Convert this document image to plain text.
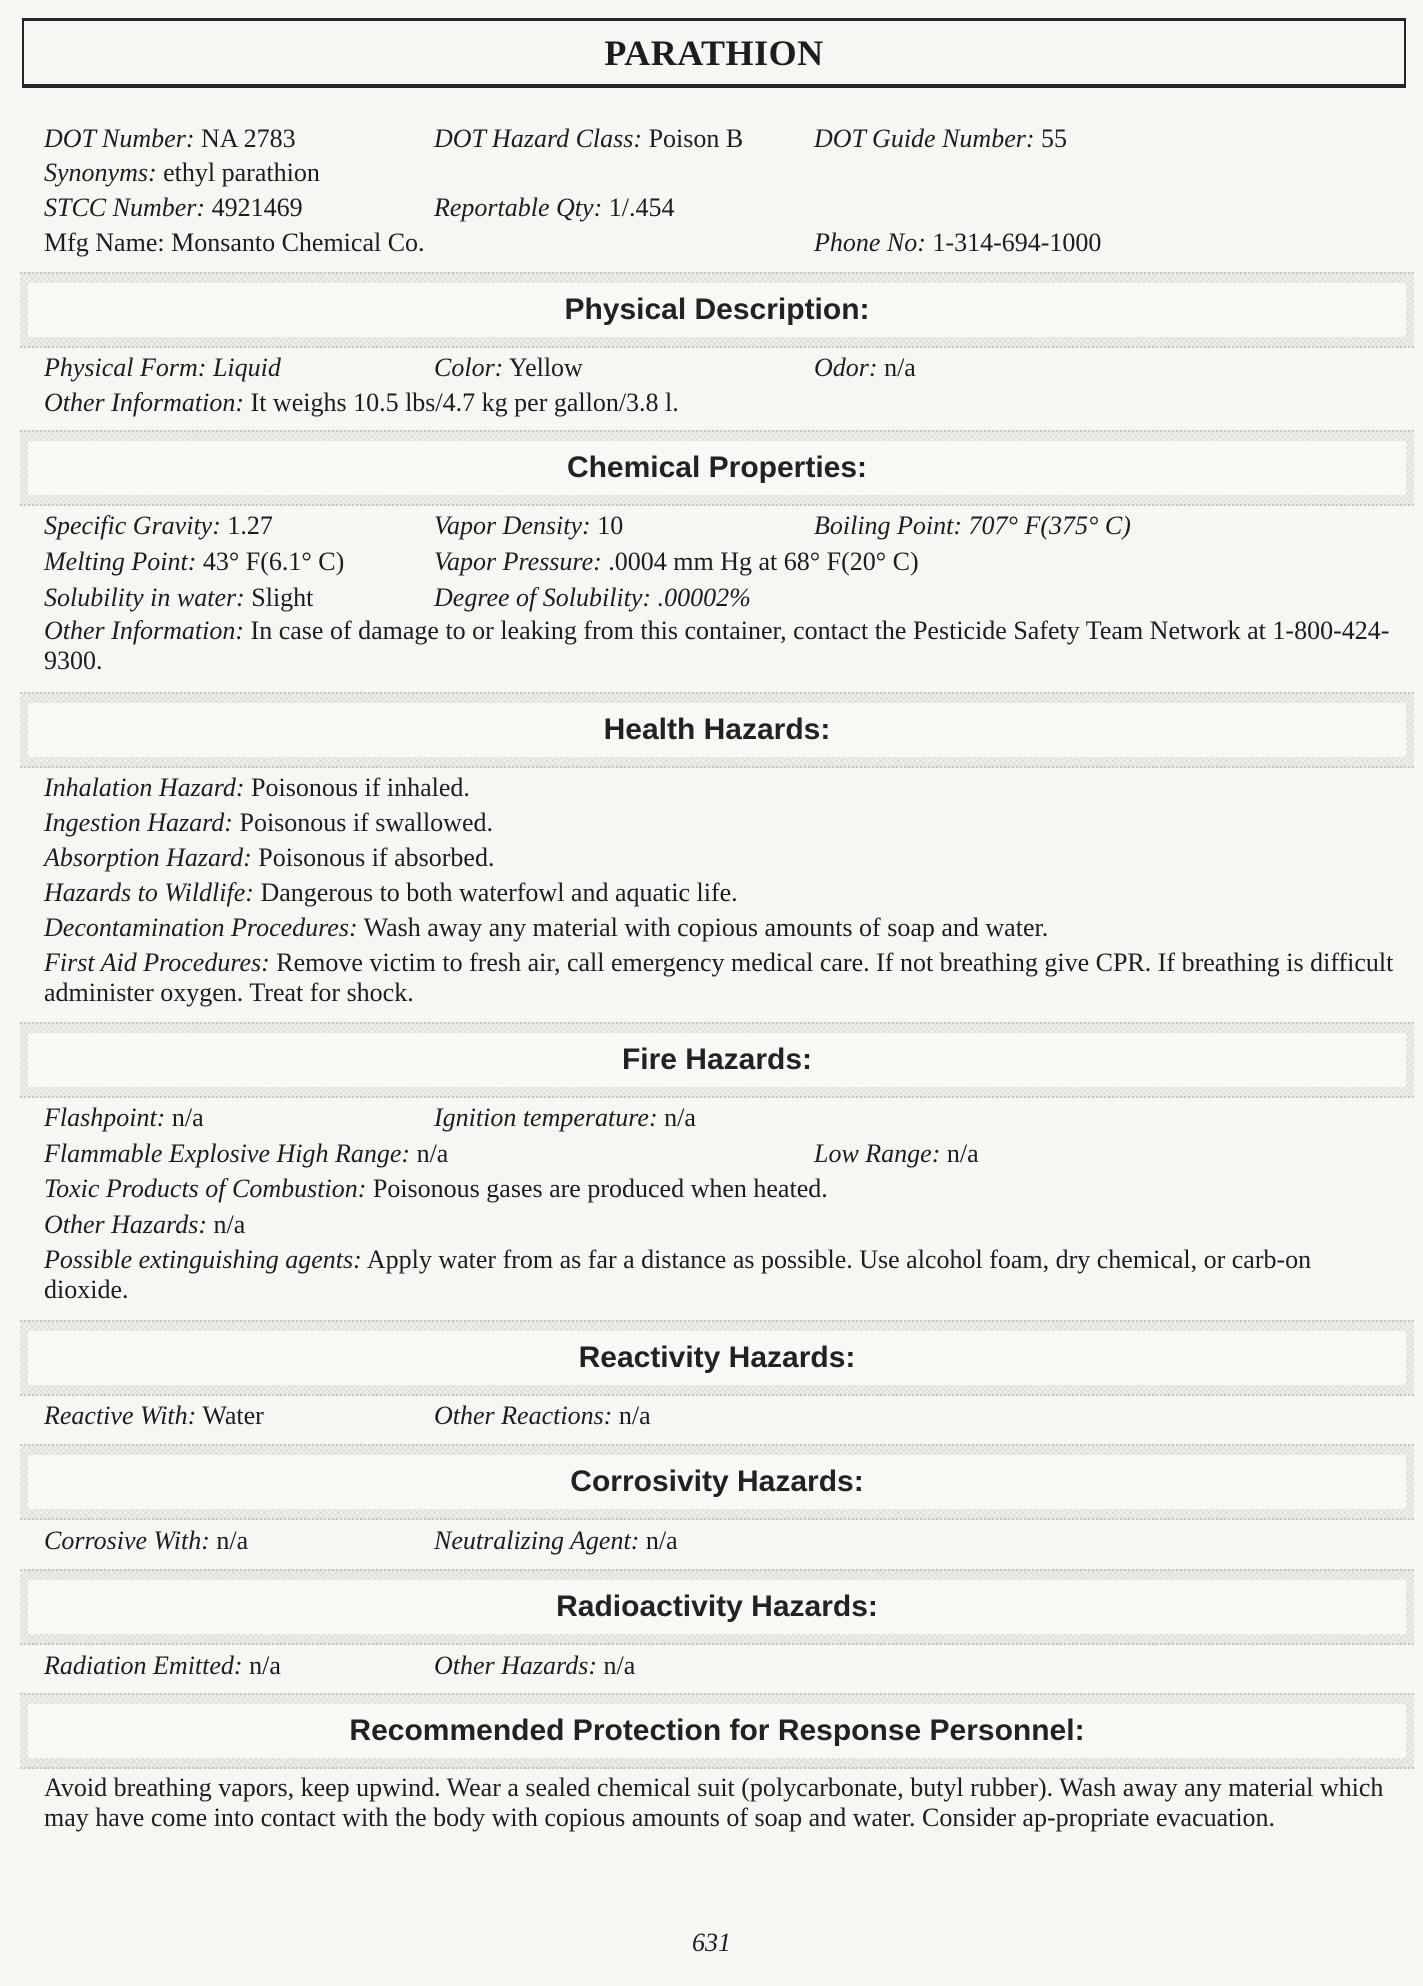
PARATHION
DOT Number: NA 2783	DOT Hazard Class: Poison B	DOT Guide Number: 55
Synonyms: ethyl parathion
STCC Number: 4921469	Reportable Qty: 1/.454
Mfg Name: Monsanto Chemical Co.	Phone No: 1-314-694-1000
Physical Description:
Physical Form: Liquid	Color: Yellow	Odor: n/a
Other Information: It weighs 10.5 lbs/4.7 kg per gallon/3.8 l.
Chemical Properties:
Specific Gravity: 1.27	Vapor Density: 10	Boiling Point: 707° F(375° C)
Melting Point: 43° F(6.1° C)	Vapor Pressure: .0004 mm Hg at 68° F(20° C)
Solubility in water: Slight	Degree of Solubility: .00002%
Other Information: In case of damage to or leaking from this container, contact the Pesticide Safety Team Network at 1-800-424-9300.
Health Hazards:
Inhalation Hazard: Poisonous if inhaled.
Ingestion Hazard: Poisonous if swallowed.
Absorption Hazard: Poisonous if absorbed.
Hazards to Wildlife: Dangerous to both waterfowl and aquatic life.
Decontamination Procedures: Wash away any material with copious amounts of soap and water.
First Aid Procedures: Remove victim to fresh air, call emergency medical care. If not breathing give CPR. If breathing is difficult administer oxygen. Treat for shock.
Fire Hazards:
Flashpoint: n/a	Ignition temperature: n/a
Flammable Explosive High Range: n/a	Low Range: n/a
Toxic Products of Combustion: Poisonous gases are produced when heated.
Other Hazards: n/a
Possible extinguishing agents: Apply water from as far a distance as possible. Use alcohol foam, dry chemical, or carb-on dioxide.
Reactivity Hazards:
Reactive With: Water	Other Reactions: n/a
Corrosivity Hazards:
Corrosive With: n/a	Neutralizing Agent: n/a
Radioactivity Hazards:
Radiation Emitted: n/a	Other Hazards: n/a
Recommended Protection for Response Personnel:
Avoid breathing vapors, keep upwind. Wear a sealed chemical suit (polycarbonate, butyl rubber). Wash away any material which may have come into contact with the body with copious amounts of soap and water. Consider ap-propriate evacuation.
631
